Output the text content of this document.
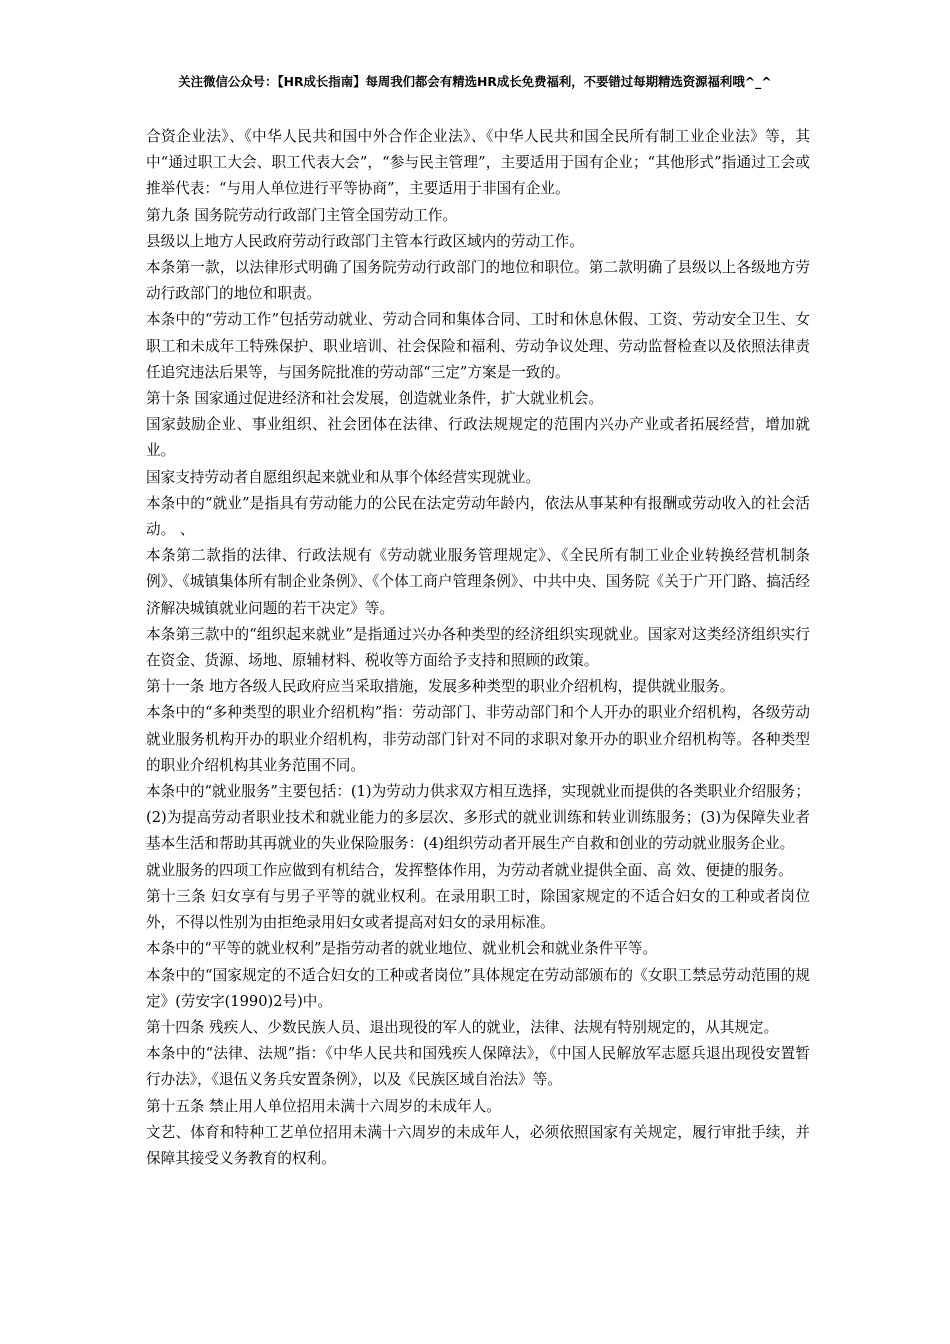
关注微信公众号：【HR成长指南】每周我们都会有精选HR成长免费福利，不要错过每期精选资源福利哦^_^

合资企业法》、《中华人民共和国中外合作企业法》、《中华人民共和国全民所有制工业企业法》等，其中“通过职工大会、职工代表大会”，“参与民主管理”，主要适用于国有企业；“其他形式”指通过工会或推举代表：“与用人单位进行平等协商”，主要适用于非国有企业。

第九条 国务院劳动行政部门主管全国劳动工作。

县级以上地方人民政府劳动行政部门主管本行政区域内的劳动工作。

本条第一款，以法律形式明确了国务院劳动行政部门的地位和职位。第二款明确了县级以上各级地方劳动行政部门的地位和职责。

本条中的“劳动工作”包括劳动就业、劳动合同和集体合同、工时和休息休假、工资、劳动安全卫生、女职工和未成年工特殊保护、职业培训、社会保险和福利、劳动争议处理、劳动监督检查以及依照法律责任追究违法后果等，与国务院批准的劳动部“三定”方案是一致的。

第十条 国家通过促进经济和社会发展，创造就业条件，扩大就业机会。

国家鼓励企业、事业组织、社会团体在法律、行政法规规定的范围内兴办产业或者拓展经营，增加就业。

国家支持劳动者自愿组织起来就业和从事个体经营实现就业。

本条中的“就业”是指具有劳动能力的公民在法定劳动年龄内，依法从事某种有报酬或劳动收入的社会活动。 、

本条第二款指的法律、行政法规有《劳动就业服务管理规定》、《全民所有制工业企业转换经营机制条例》、《城镇集体所有制企业条例》、《个体工商户管理条例》、中共中央、国务院《关于广开门路、搞活经济解决城镇就业问题的若干决定》等。

本条第三款中的“组织起来就业”是指通过兴办各种类型的经济组织实现就业。国家对这类经济组织实行在资金、货源、场地、原辅材料、税收等方面给予支持和照顾的政策。

第十一条 地方各级人民政府应当采取措施，发展多种类型的职业介绍机构，提供就业服务。

本条中的“多种类型的职业介绍机构”指：劳动部门、非劳动部门和个人开办的职业介绍机构，各级劳动就业服务机构开办的职业介绍机构，非劳动部门针对不同的求职对象开办的职业介绍机构等。各种类型的职业介绍机构其业务范围不同。

本条中的“就业服务”主要包括：(1)为劳动力供求双方相互选择，实现就业而提供的各类职业介绍服务；(2)为提高劳动者职业技术和就业能力的多层次、多形式的就业训练和转业训练服务；(3)为保障失业者基本生活和帮助其再就业的失业保险服务：(4)组织劳动者开展生产自救和创业的劳动就业服务企业。

就业服务的四项工作应做到有机结合，发挥整体作用，为劳动者就业提供全面、高 效、便捷的服务。

第十三条 妇女享有与男子平等的就业权利。在录用职工时，除国家规定的不适合妇女的工种或者岗位外，不得以性别为由拒绝录用妇女或者提高对妇女的录用标准。

本条中的“平等的就业权利”是指劳动者的就业地位、就业机会和就业条件平等。

本条中的“国家规定的不适合妇女的工种或者岗位”具体规定在劳动部颁布的《女职工禁忌劳动范围的规定》(劳安字(1990)2号)中。

第十四条 残疾人、少数民族人员、退出现役的军人的就业，法律、法规有特别规定的，从其规定。

本条中的“法律、法规”指：《中华人民共和国残疾人保障法》，《中国人民解放军志愿兵退出现役安置暂行办法》，《退伍义务兵安置条例》，以及《民族区域自治法》等。

第十五条 禁止用人单位招用未满十六周岁的未成年人。

文艺、体育和特种工艺单位招用未满十六周岁的未成年人，必须依照国家有关规定，履行审批手续，并保障其接受义务教育的权利。
